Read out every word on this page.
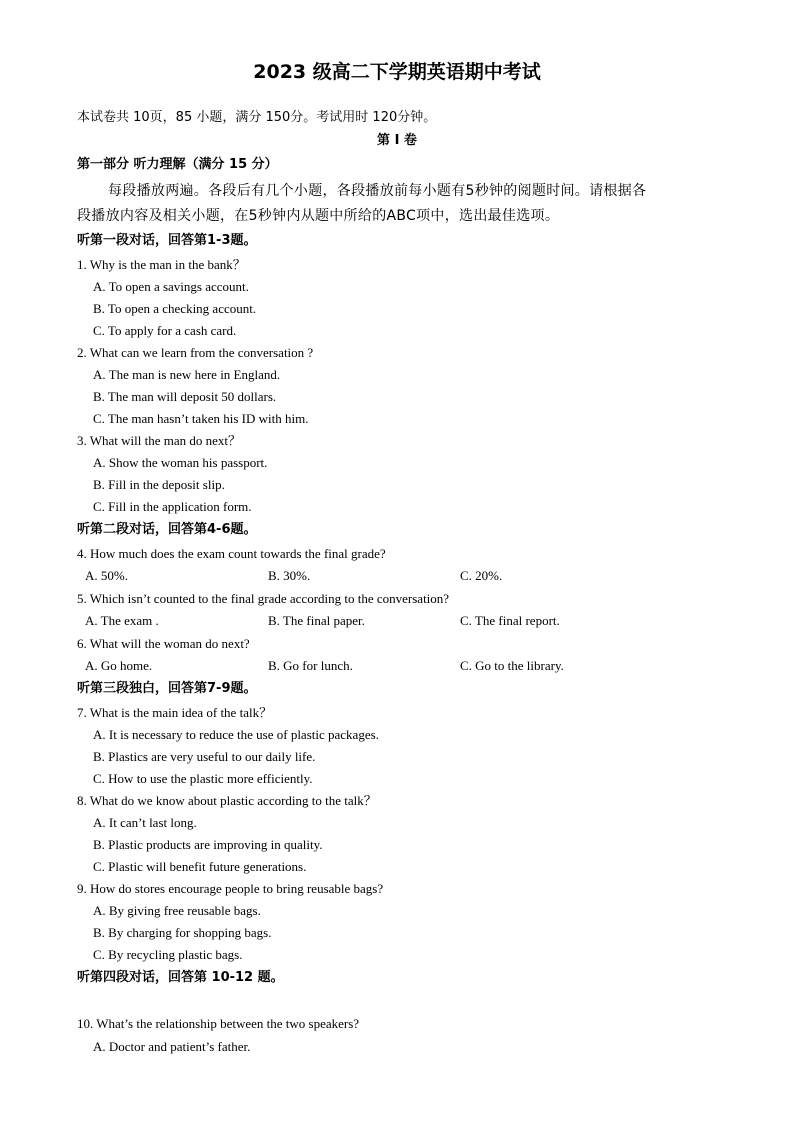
2023 级高二下学期英语期中考试
本试卷共 10页，85 小题，满分 150分。考试用时 120分钟。
第 I 卷
第一部分 听力理解（满分 15 分）
每段播放两遍。各段后有几个小题，各段播放前每小题有5秒钟的阅题时间。请根据各
段播放内容及相关小题，在5秒钟内从题中所给的ABC项中，选出最佳选项。
听第一段对话，回答第1-3题。
1. Why is the man in the bank？
A. To open a savings account.
B. To open a checking account.
C. To apply for a cash card.
2. What can we learn from the conversation ?
A. The man is new here in England.
B. The man will deposit 50 dollars.
C. The man hasn’t taken his ID with him.
3. What will the man do next？
A. Show the woman his passport.
B. Fill in the deposit slip.
C. Fill in the application form.
听第二段对话，回答第4-6题。
4. How much does the exam count towards the final grade?
A. 50%.	B. 30%.	C. 20%.
5. Which isn’t counted to the final grade according to the conversation?
A. The exam .	B. The final paper.	C. The final report.
6. What will the woman do next?
A. Go home.	B. Go for lunch.	C. Go to the library.
听第三段独白，回答第7-9题。
7. What is the main idea of the talk？
A. It is necessary to reduce the use of plastic packages.
B. Plastics are very useful to our daily life.
C. How to use the plastic more efficiently.
8. What do we know about plastic according to the talk？
A. It can’t last long.
B. Plastic products are improving in quality.
C. Plastic will benefit future generations.
9. How do stores encourage people to bring reusable bags?
A. By giving free reusable bags.
B. By charging for shopping bags.
C. By recycling plastic bags.
听第四段对话，回答第 10-12 题。
10. What’s the relationship between the two speakers?
A. Doctor and patient’s father.
